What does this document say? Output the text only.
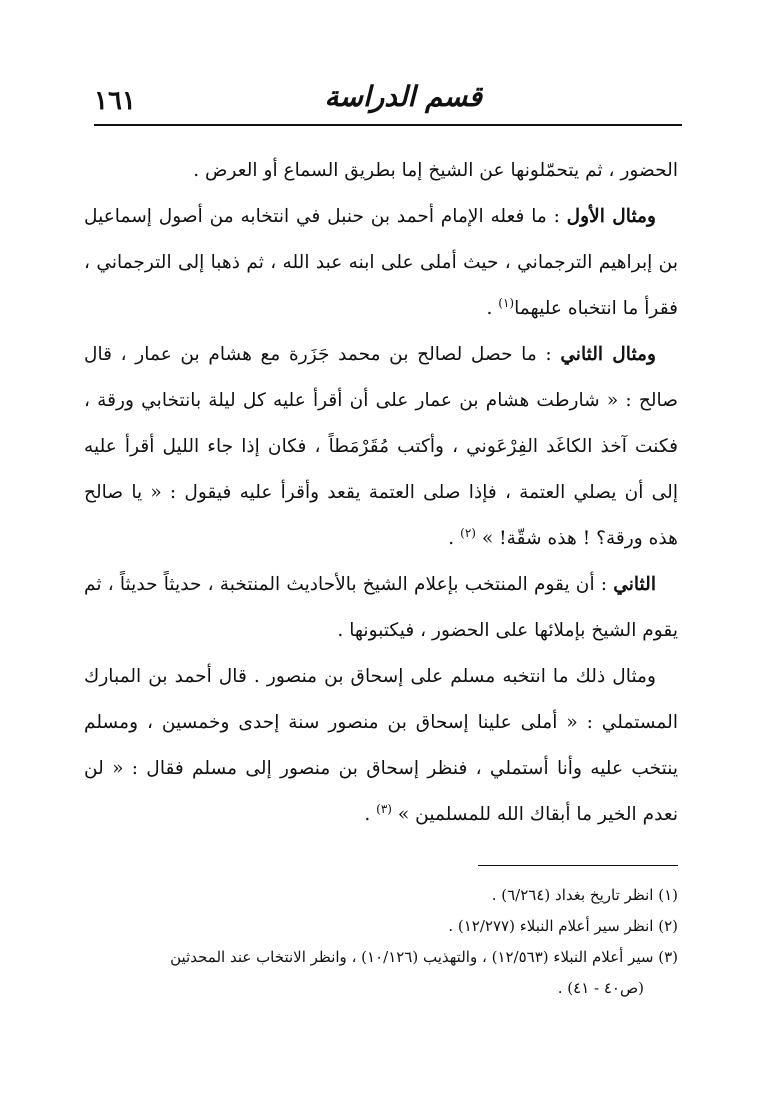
١٦١	قسم الدراسة

الحضور ، ثم يتحمّلونها عن الشيخ إما بطريق السماع أو العرض .

ومثال الأول : ما فعله الإمام أحمد بن حنبل في انتخابه من أصول إسماعيل بن إبراهيم الترجماني ، حيث أملى على ابنه عبد الله ، ثم ذهبا إلى الترجماني ، فقرأ ما انتخباه عليهما$^{(١)}$ .

ومثال الثاني : ما حصل لصالح بن محمد جَزَرة مع هشام بن عمار ، قال صالح : « شارطت هشام بن عمار على أن أقرأ عليه كل ليلة بانتخابي ورقة ، فكنت آخذ الكاغَد الفِرْعَوني ، وأكتب مُقَرْمَطاً ، فكان إذا جاء الليل أقرأ عليه إلى أن يصلي العتمة ، فإذا صلى العتمة يقعد وأقرأ عليه فيقول : « يا صالح هذه ورقة؟ ! هذه شقّة! » $^{(٢)}$ .

الثاني : أن يقوم المنتخب بإعلام الشيخ بالأحاديث المنتخبة ، حديثاً حديثاً ، ثم يقوم الشيخ بإملائها على الحضور ، فيكتبونها .

ومثال ذلك ما انتخبه مسلم على إسحاق بن منصور . قال أحمد بن المبارك المستملي : « أملى علينا إسحاق بن منصور سنة إحدى وخمسين ، ومسلم ينتخب عليه وأنا أستملي ، فنظر إسحاق بن منصور إلى مسلم فقال : « لن نعدم الخير ما أبقاك الله للمسلمين » $^{(٣)}$ .

(١) انظر تاريخ بغداد (٦/٢٦٤) .

(٢) انظر سير أعلام النبلاء (١٢/٢٧٧) .

(٣) سير أعلام النبلاء (١٢/٥٦٣) ، والتهذيب (١٠/١٢٦) ، وانظر الانتخاب عند المحدثين

(ص٤٠ - ٤١) .
